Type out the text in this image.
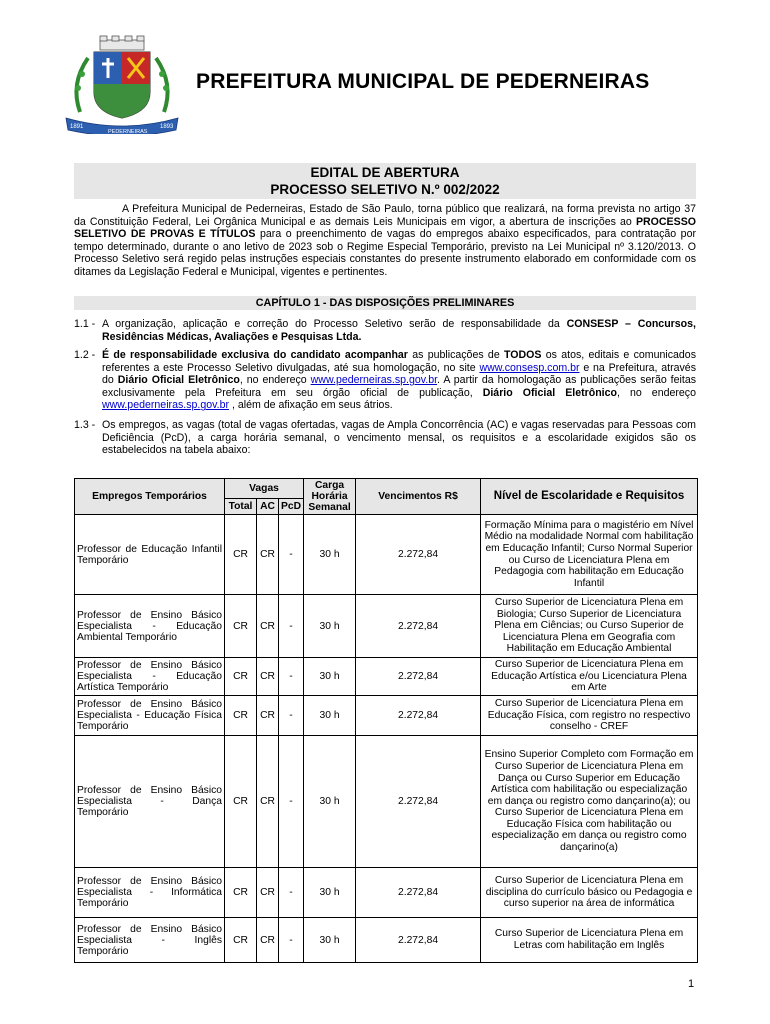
1891
PEDERNEIRAS
1893
PREFEITURA MUNICIPAL DE PEDERNEIRAS
EDITAL DE ABERTURA
PROCESSO SELETIVO N.º 002/2022

A Prefeitura Municipal de Pederneiras, Estado de São Paulo, torna público que realizará, na forma prevista no artigo 37 da Constituição Federal, Lei Orgânica Municipal e as demais Leis Municipais em vigor, a abertura de inscrições ao PROCESSO SELETIVO DE PROVAS E TÍTULOS para o preenchimento de vagas do empregos abaixo especificados, para contratação por tempo determinado, durante o ano letivo de 2023 sob o Regime Especial Temporário, previsto na Lei Municipal nº 3.120/2013. O Processo Seletivo será regido pelas instruções especiais constantes do presente instrumento elaborado em conformidade com os ditames da Legislação Federal e Municipal, vigentes e pertinentes.

CAPÍTULO 1 - DAS DISPOSIÇÕES PRELIMINARES
1.1 - A organização, aplicação e correção do Processo Seletivo serão de responsabilidade da CONSESP – Concursos, Residências Médicas, Avaliações e Pesquisas Ltda.
1.2 - É de responsabilidade exclusiva do candidato acompanhar as publicações de TODOS os atos, editais e comunicados referentes a este Processo Seletivo divulgadas, até sua homologação, no site www.consesp.com.br e na Prefeitura, através do Diário Oficial Eletrônico, no endereço www.pederneiras.sp.gov.br. A partir da homologação as publicações serão feitas exclusivamente pela Prefeitura em seu órgão oficial de publicação, Diário Oficial Eletrônico, no endereço www.pederneiras.sp.gov.br , além de afixação em seus átrios.
1.3 - Os empregos, as vagas (total de vagas ofertadas, vagas de Ampla Concorrência (AC) e vagas reservadas para Pessoas com Deficiência (PcD), a carga horária semanal, o vencimento mensal, os requisitos e a escolaridade exigidos são os estabelecidos na tabela abaixo:
Empregos Temporários	Vagas			Carga Horária Semanal	Vencimentos R$	Nível de Escolaridade e Requisitos
	Total	AC	PcD			
Professor de Educação Infantil Temporário	CR	CR	-	30 h	2.272,84	Formação Mínima para o magistério em Nível Médio na modalidade Normal com habilitação em Educação Infantil; Curso Normal Superior ou Curso de Licenciatura Plena em Pedagogia com habilitação em Educação Infantil
Professor de Ensino Básico Especialista - Educação Ambiental Temporário	CR	CR	-	30 h	2.272,84	Curso Superior de Licenciatura Plena em Biologia; Curso Superior de Licenciatura Plena em Ciências; ou Curso Superior de Licenciatura Plena em Geografia com Habilitação em Educação Ambiental
Professor de Ensino Básico Especialista - Educação Artística Temporário	CR	CR	-	30 h	2.272,84	Curso Superior de Licenciatura Plena em Educação Artística e/ou Licenciatura Plena em Arte
Professor de Ensino Básico Especialista - Educação Física Temporário	CR	CR	-	30 h	2.272,84	Curso Superior de Licenciatura Plena em Educação Física, com registro no respectivo conselho - CREF
Professor de Ensino Básico Especialista - Dança Temporário	CR	CR	-	30 h	2.272,84	Ensino Superior Completo com Formação em Curso Superior de Licenciatura Plena em Dança ou Curso Superior em Educação Artística com habilitação ou especialização em dança ou registro como dançarino(a); ou Curso Superior de Licenciatura Plena em Educação Física com habilitação ou especialização em dança ou registro como dançarino(a)
Professor de Ensino Básico Especialista - Informática Temporário	CR	CR	-	30 h	2.272,84	Curso Superior de Licenciatura Plena em disciplina do currículo básico ou Pedagogia e curso superior na área de informática
Professor de Ensino Básico Especialista - Inglês Temporário	CR	CR	-	30 h	2.272,84	Curso Superior de Licenciatura Plena em Letras com habilitação em Inglês
1
